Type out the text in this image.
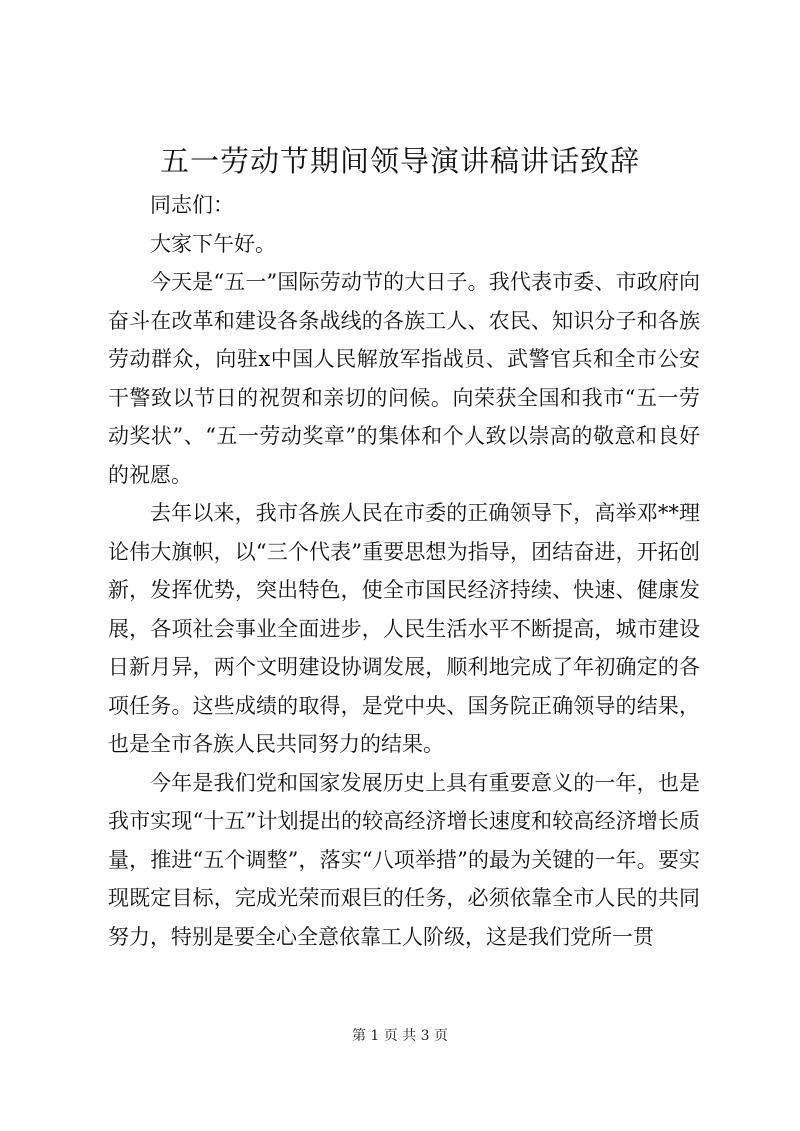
五一劳动节期间领导演讲稿讲话致辞

同志们：

大家下午好。

今天是“五一”国际劳动节的大日子。我代表市委、市政府向奋斗在改革和建设各条战线的各族工人、农民、知识分子和各族劳动群众，向驻x中国人民解放军指战员、武警官兵和全市公安干警致以节日的祝贺和亲切的问候。向荣获全国和我市“五一劳动奖状”、“五一劳动奖章”的集体和个人致以崇高的敬意和良好的祝愿。

去年以来，我市各族人民在市委的正确领导下，高举邓**理论伟大旗帜，以“三个代表”重要思想为指导，团结奋进，开拓创新，发挥优势，突出特色，使全市国民经济持续、快速、健康发展，各项社会事业全面进步，人民生活水平不断提高，城市建设日新月异，两个文明建设协调发展，顺利地完成了年初确定的各项任务。这些成绩的取得，是党中央、国务院正确领导的结果，也是全市各族人民共同努力的结果。

今年是我们党和国家发展历史上具有重要意义的一年，也是我市实现“十五”计划提出的较高经济增长速度和较高经济增长质量，推进“五个调整”，落实“八项举措”的最为关键的一年。要实现既定目标，完成光荣而艰巨的任务，必须依靠全市人民的共同努力，特别是要全心全意依靠工人阶级，这是我们党所一贯

第 1 页 共 3 页
